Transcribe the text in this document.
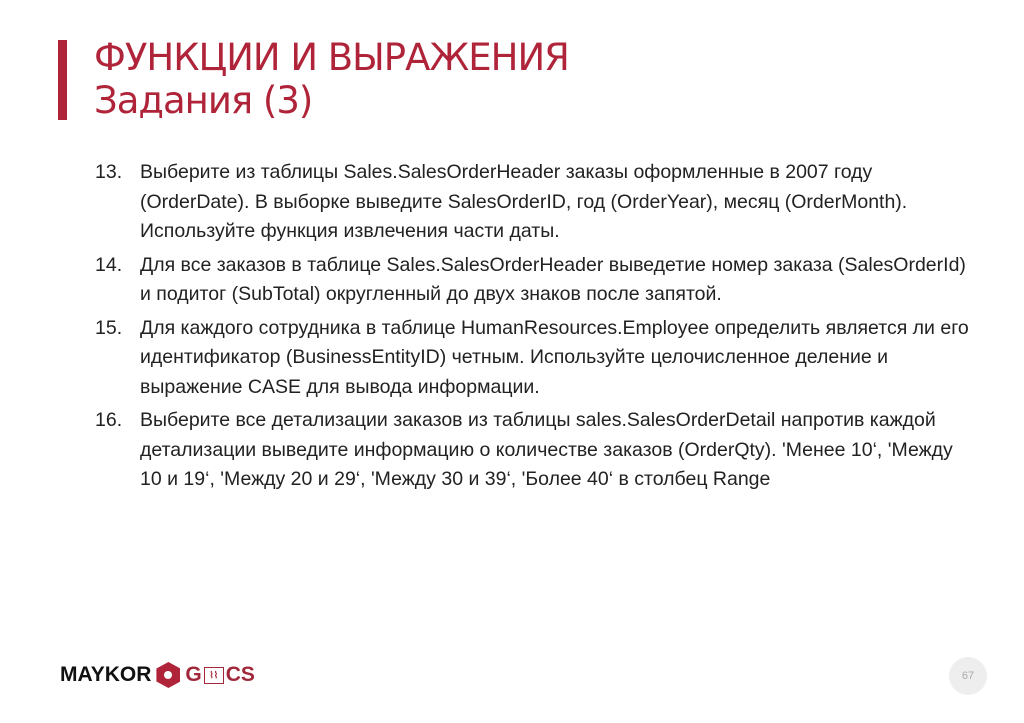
ФУНКЦИИ И ВЫРАЖЕНИЯ
Задания (3)
13. Выберите из таблицы Sales.SalesOrderHeader заказы оформленные в 2007 году (OrderDate). В выборке выведите SalesOrderID, год (OrderYear), месяц (OrderMonth). Используйте функция извлечения части даты.
14. Для все заказов в таблице Sales.SalesOrderHeader выведетие номер заказа (SalesOrderId) и подитог (SubTotal) округленный до двух знаков после запятой.
15. Для каждого сотрудника в таблице HumanResources.Employee определить является ли его идентификатор (BusinessEntityID) четным. Используйте целочисленное деление и выражение CASE для вывода информации.
16. Выберите все детализации заказов из таблицы sales.SalesOrderDetail напротив каждой детализации выведите информацию о количестве заказов (OrderQty). 'Менее 10‘, 'Между 10 и 19‘, 'Между 20 и 29‘, 'Между 30 и 39‘, 'Более 40‘ в столбец Range
MAYKOR G ⌇⌇ CS	67
